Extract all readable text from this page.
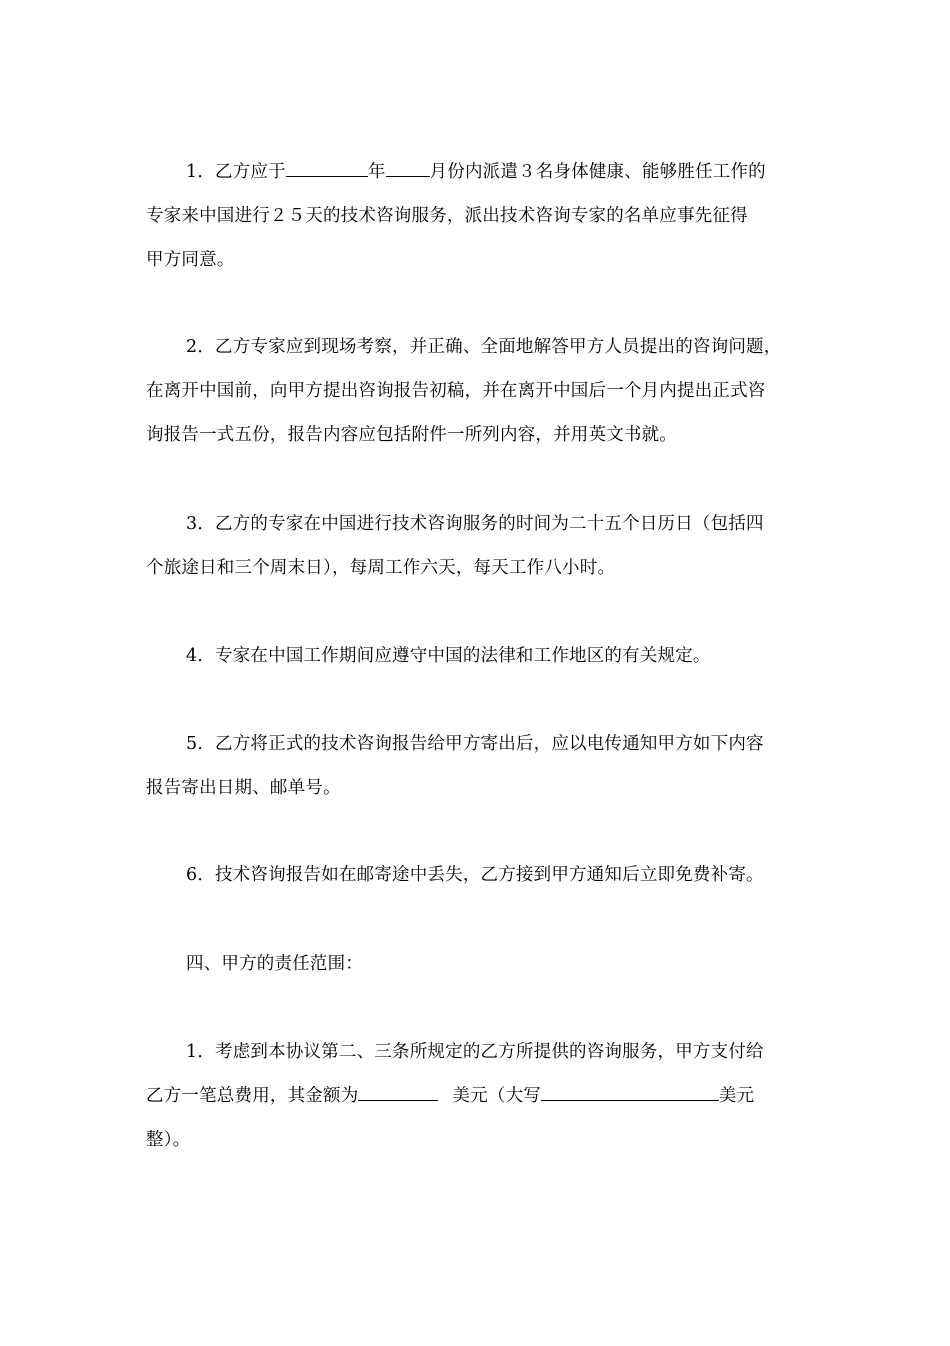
1．乙方应于	年	月份内派遣３名身体健康、能够胜任工作的
专家来中国进行２５天的技术咨询服务，派出技术咨询专家的名单应事先征得
甲方同意。
2．乙方专家应到现场考察，并正确、全面地解答甲方人员提出的咨询问题，
在离开中国前，向甲方提出咨询报告初稿，并在离开中国后一个月内提出正式咨
询报告一式五份，报告内容应包括附件一所列内容，并用英文书就。
3．乙方的专家在中国进行技术咨询服务的时间为二十五个日历日（包括四
个旅途日和三个周末日），每周工作六天，每天工作八小时。
4．专家在中国工作期间应遵守中国的法律和工作地区的有关规定。
5．乙方将正式的技术咨询报告给甲方寄出后，应以电传通知甲方如下内容
报告寄出日期、邮单号。
6．技术咨询报告如在邮寄途中丢失，乙方接到甲方通知后立即免费补寄。
四、甲方的责任范围：
1．考虑到本协议第二、三条所规定的乙方所提供的咨询服务，甲方支付给
乙方一笔总费用，其金额为	美元（大写	美元
整）。
